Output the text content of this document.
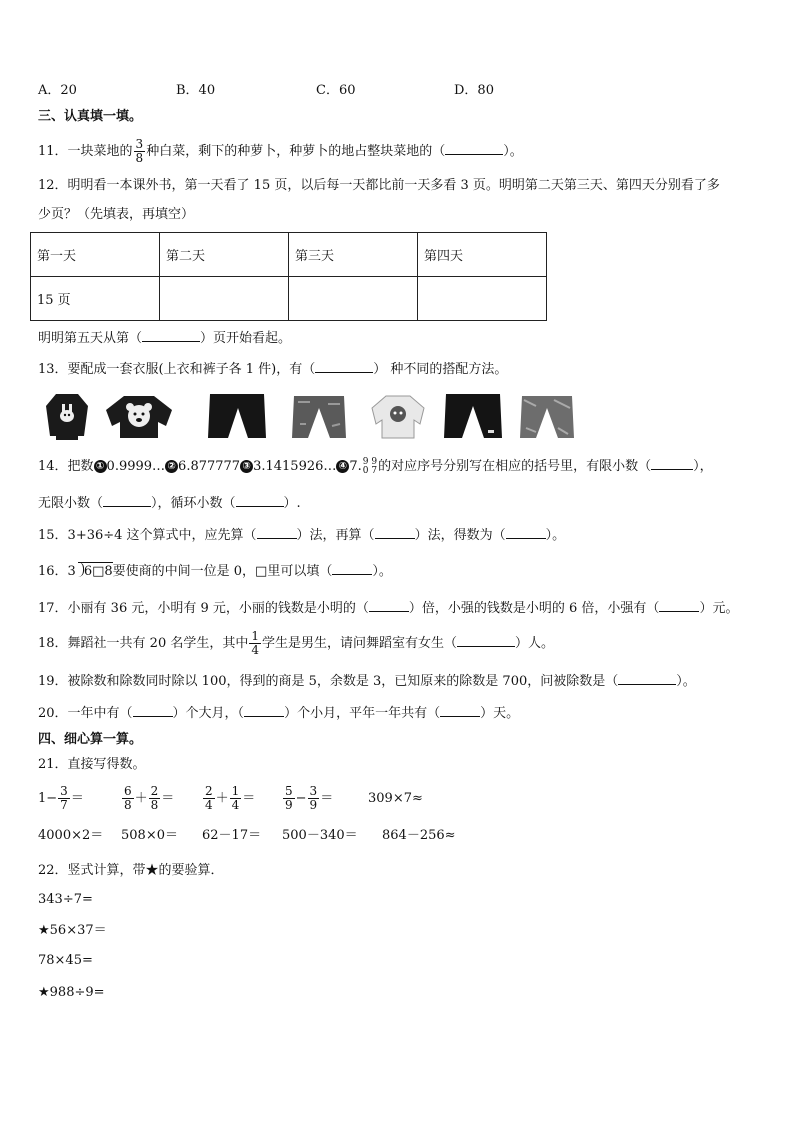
A．20	B．40	C．60	D．80
三、认真填一填。
11．一块菜地的 $\frac{3}{8}$ 种白菜，剩下的种萝卜，种萝卜的地占整块菜地的（	）。
12．明明看一本课外书，第一天看了 15 页，以后每一天都比前一天多看 3 页。明明第二天第三天、第四天分别看了多
少页？（先填表，再填空）
第一天	第二天	第三天	第四天
15 页			
明明第五天从第（	）页开始看起。
13．要配成一套衣服(上衣和裤子各 1 件)，有（	） 种不同的搭配方法。
14．把数 ① 0.9999… ② 6.877777 ③ 3.1415926… ④ 7. 9 9
0 7 的对应序号分别写在相应的括号里，有限小数（	），
无限小数（	），循环小数（	）.
15．3+36÷4 这个算式中，应先算（	）法，再算（	）法，得数为（	）。
16．3 6□8要使商的中间一位是 0，□里可以填（	）。
17．小丽有 36 元，小明有 9 元，小丽的钱数是小明的（	）倍，小强的钱数是小明的 6 倍，小强有（	）元。
18．舞蹈社一共有 20 名学生，其中 $\frac{1}{4}$ 学生是男生，请问舞蹈室有女生（	）人。
19．被除数和除数同时除以 100，得到的商是 5，余数是 3，已知原来的除数是 700，问被除数是（	）。
20．一年中有（	）个大月，（	）个小月，平年一年共有（	）天。
四、细心算一算。
21．直接写得数。
$1- \frac{3}{7}$ ＝	$\frac{6}{8} + \frac{2}{8} = \frac{2}{4} + \frac{1}{4} = \frac{5}{9} - \frac{3}{9}$ ＝	309×7≈
4000×2＝ 508×0＝ 62－17＝ 500－340＝ 864－256≈
22．竖式计算，带★的要验算．
343÷7=
★56×37＝
78×45=
★988÷9=
